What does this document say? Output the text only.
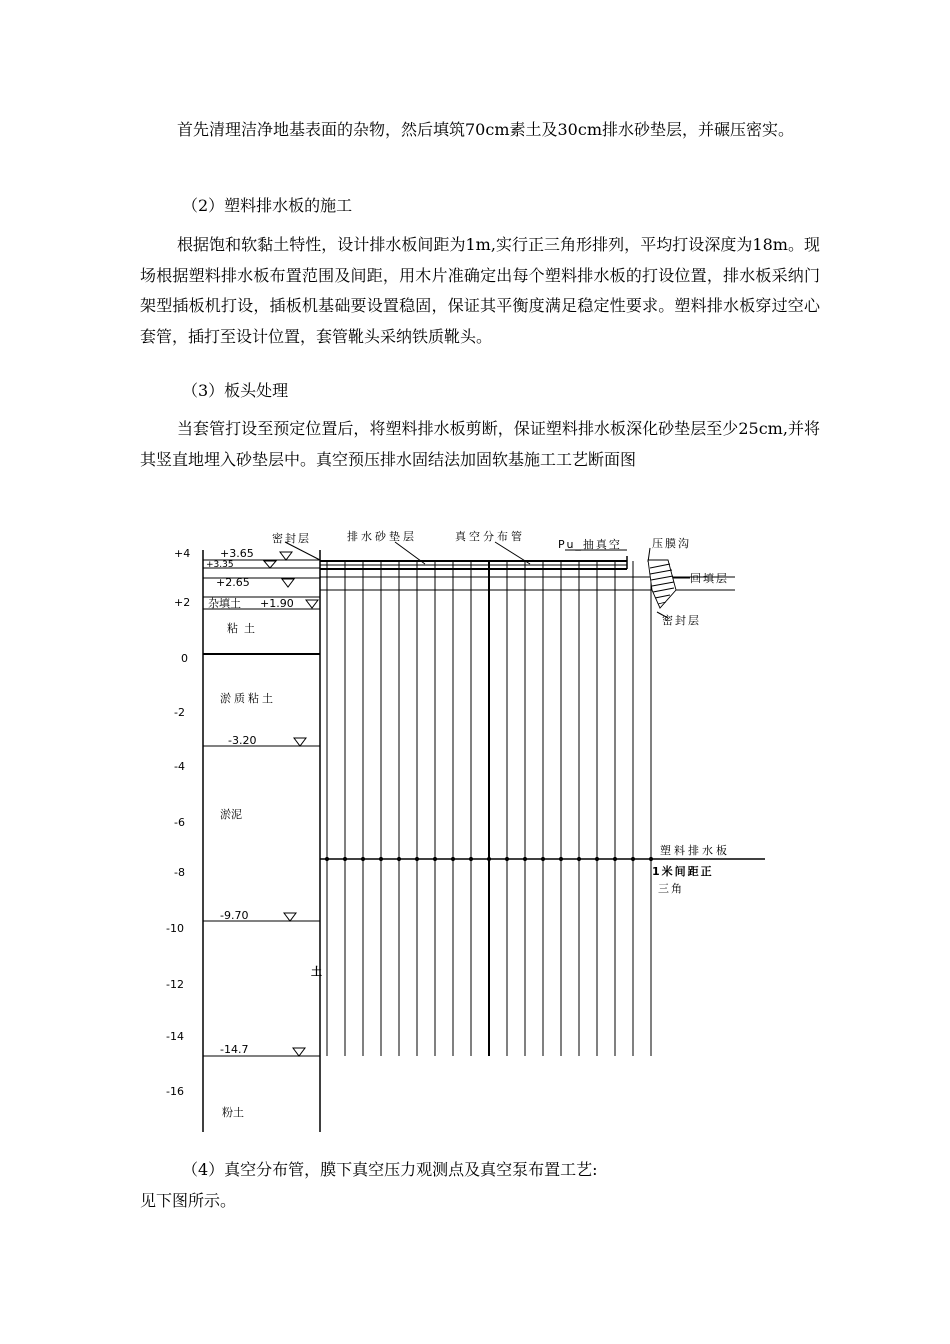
首先清理洁净地基表面的杂物，然后填筑70cm素土及30cm排水砂垫层，并碾压密实。

（2）塑料排水板的施工

根据饱和软黏土特性，设计排水板间距为1m,实行正三角形排列，平均打设深度为18m。现场根据塑料排水板布置范围及间距，用木片准确定出每个塑料排水板的打设位置，排水板采纳门架型插板机打设，插板机基础要设置稳固，保证其平衡度满足稳定性要求。塑料排水板穿过空心套管，插打至设计位置，套管靴头采纳铁质靴头。

（3）板头处理

当套管打设至预定位置后，将塑料排水板剪断，保证塑料排水板深化砂垫层至少25cm,并将其竖直地埋入砂垫层中。真空预压排水固结法加固软基施工工艺断面图

+4
+2
0
-2
-4
-6
-8
-10
-12
-14
-16
+3.65
+3.35
+2.65
+1.90
-3.20
-9.70
-14.7
杂填土
粘土
淤质粘土
淤泥
土
粉土
密封层	排水砂垫层	真空分布管
Pu_抽真空	压膜沟
回填层
密封层
塑料排水板
1米间距正
三角
（4）真空分布管，膜下真空压力观测点及真空泵布置工艺:
见下图所示。
